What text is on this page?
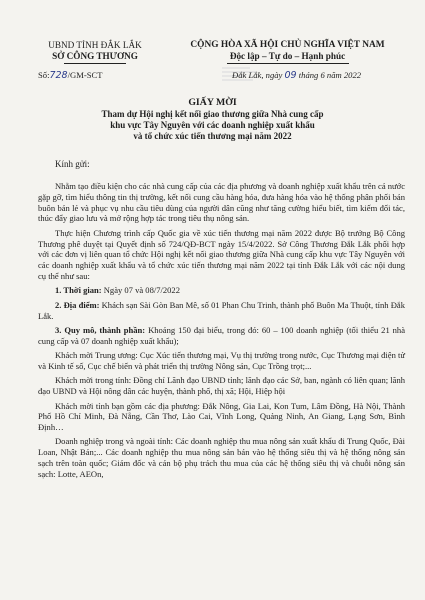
UBND TỈNH ĐẮK LẮK
SỞ CÔNG THƯƠNG
CỘNG HÒA XÃ HỘI CHỦ NGHĨA VIỆT NAM
Độc lập – Tự do – Hạnh phúc
Số:728/GM-SCT	Đắk Lắk, ngày 09 tháng 6 năm 2022
GIẤY MỜI
Tham dự Hội nghị kết nối giao thương giữa Nhà cung cấp
khu vực Tây Nguyên với các doanh nghiệp xuất khẩu
và tổ chức xúc tiến thương mại năm 2022
Kính gửi:

Nhằm tạo điều kiện cho các nhà cung cấp của các địa phương và doanh nghiệp xuất khẩu trên cả nước gặp gỡ, tìm hiểu thông tin thị trường, kết nối cung cầu hàng hóa, đưa hàng hóa vào hệ thống phân phối bán buôn bán lẻ và phục vụ nhu cầu tiêu dùng của người dân cũng như tăng cường hiểu biết, tìm kiếm đối tác, thúc đẩy giao lưu và mở rộng hợp tác trong tiêu thụ nông sản.

Thực hiện Chương trình cấp Quốc gia về xúc tiến thương mại năm 2022 được Bộ trưởng Bộ Công Thương phê duyệt tại Quyết định số 724/QĐ-BCT ngày 15/4/2022. Sở Công Thương Đắk Lắk phối hợp với các đơn vị liên quan tổ chức Hội nghị kết nối giao thương giữa Nhà cung cấp khu vực Tây Nguyên với các doanh nghiệp xuất khẩu và tổ chức xúc tiến thương mại năm 2022 tại tỉnh Đắk Lắk với các nội dung cụ thể như sau:

1. Thời gian: Ngày 07 và 08/7/2022
2. Địa điểm: Khách sạn Sài Gòn Ban Mê, số 01 Phan Chu Trinh, thành phố Buôn Ma Thuột, tỉnh Đắk Lắk.
3. Quy mô, thành phần: Khoảng 150 đại biểu, trong đó: 60 – 100 doanh nghiệp (tối thiểu 21 nhà cung cấp và 07 doanh nghiệp xuất khẩu);

Khách mời Trung ương: Cục Xúc tiến thương mại, Vụ thị trường trong nước, Cục Thương mại điện tử và Kinh tế số, Cục chế biến và phát triển thị trường Nông sản, Cục Trồng trọt;...

Khách mời trong tỉnh: Đồng chí Lãnh đạo UBND tỉnh; lãnh đạo các Sở, ban, ngành có liên quan; lãnh đạo UBND và Hội nông dân các huyện, thành phố, thị xã; Hội, Hiệp hội

Khách mời tỉnh bạn gồm các địa phương: Đắk Nông, Gia Lai, Kon Tum, Lâm Đồng, Hà Nội, Thành Phố Hồ Chí Minh, Đà Nẵng, Cần Thơ, Lào Cai, Vĩnh Long, Quảng Ninh, An Giang, Lạng Sơn, Bình Định…

Doanh nghiệp trong và ngoài tỉnh: Các doanh nghiệp thu mua nông sản xuất khẩu đi Trung Quốc, Đài Loan, Nhật Bản;... Các doanh nghiệp thu mua nông sản bán vào hệ thống siêu thị và hệ thống nông sản sạch trên toàn quốc; Giám đốc và cán bộ phụ trách thu mua của các hệ thống siêu thị và chuỗi nông sản sạch: Lotte, AEOn,
